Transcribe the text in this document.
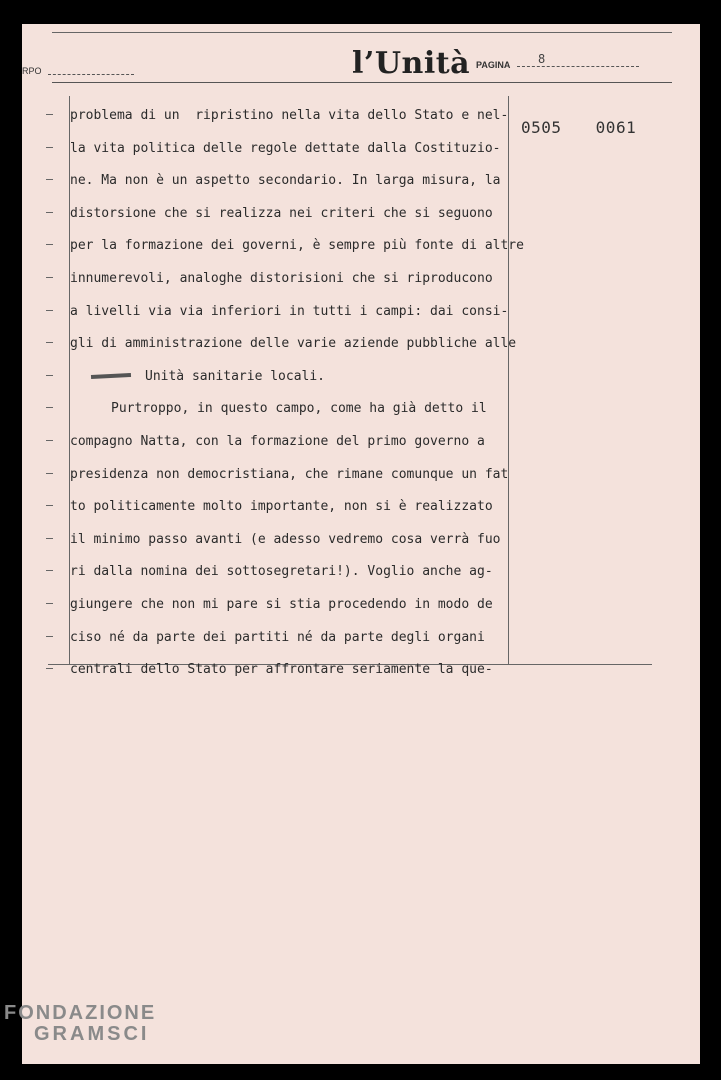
l’Unità PAGINA 8
RPO
problema di un  ripristino nella vita dello Stato e nel-
la vita politica delle regole dettate dalla Costituzio-
ne. Ma non è un aspetto secondario. In larga misura, la
distorsione che si realizza nei criteri che si seguono
per la formazione dei governi, è sempre più fonte di altre
innumerevoli, analoghe distorisioni che si riproducono
a livelli via via inferiori in tutti i campi: dai consi-
gli di amministrazione delle varie aziende pubbliche alle
Unità sanitarie locali.
Purtroppo, in questo campo, come ha già detto il
compagno Natta, con la formazione del primo governo a
presidenza non democristiana, che rimane comunque un fat
to politicamente molto importante, non si è realizzato
il minimo passo avanti (e adesso vedremo cosa verrà fuo
ri dalla nomina dei sottosegretari!). Voglio anche ag-
giungere che non mi pare si stia procedendo in modo de
ciso né da parte dei partiti né da parte degli organi
centrali dello Stato per affrontare seriamente la que-
0505 0061
FONDAZIONE
GRAMSCI
